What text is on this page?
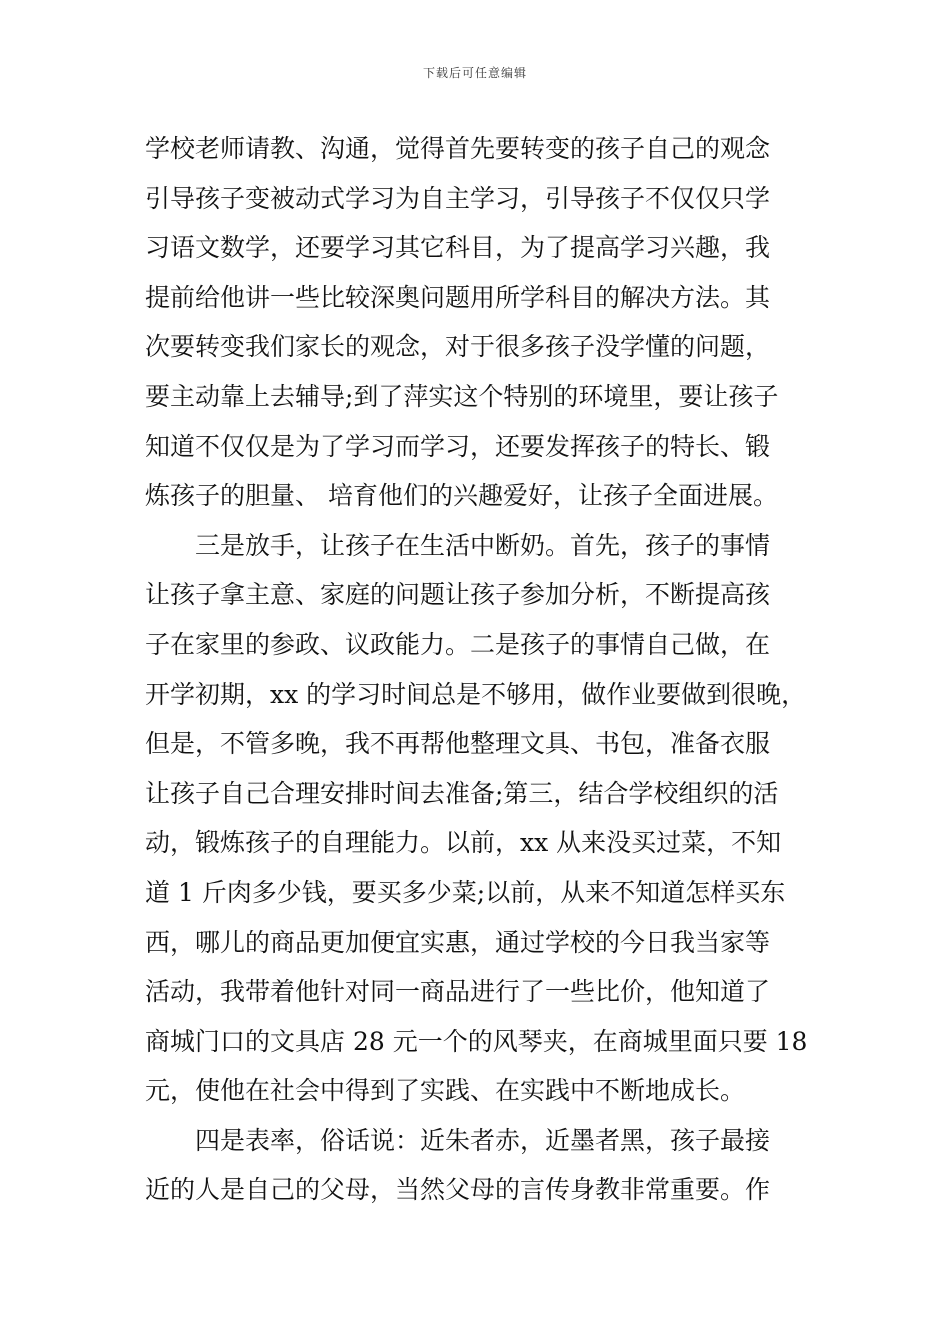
下载后可任意编辑
学校老师请教、沟通，觉得首先要转变的孩子自己的观念
引导孩子变被动式学习为自主学习，引导孩子不仅仅只学
习语文数学，还要学习其它科目，为了提高学习兴趣，我
提前给他讲一些比较深奥问题用所学科目的解决方法。其
次要转变我们家长的观念，对于很多孩子没学懂的问题，
要主动靠上去辅导;到了萍实这个特别的环境里，要让孩子
知道不仅仅是为了学习而学习，还要发挥孩子的特长、锻
炼孩子的胆量、 培育他们的兴趣爱好，让孩子全面进展。
　　三是放手，让孩子在生活中断奶。首先，孩子的事情
让孩子拿主意、家庭的问题让孩子参加分析，不断提高孩
子在家里的参政、议政能力。二是孩子的事情自己做，在
开学初期，xx 的学习时间总是不够用，做作业要做到很晚，
但是，不管多晚，我不再帮他整理文具、书包，准备衣服
让孩子自己合理安排时间去准备;第三，结合学校组织的活
动，锻炼孩子的自理能力。以前，xx 从来没买过菜，不知
道 1 斤肉多少钱，要买多少菜;以前，从来不知道怎样买东
西，哪儿的商品更加便宜实惠，通过学校的今日我当家等
活动，我带着他针对同一商品进行了一些比价，他知道了
商城门口的文具店 28 元一个的风琴夹，在商城里面只要 18
元，使他在社会中得到了实践、在实践中不断地成长。
　　四是表率，俗话说：近朱者赤，近墨者黑，孩子最接
近的人是自己的父母，当然父母的言传身教非常重要。作
